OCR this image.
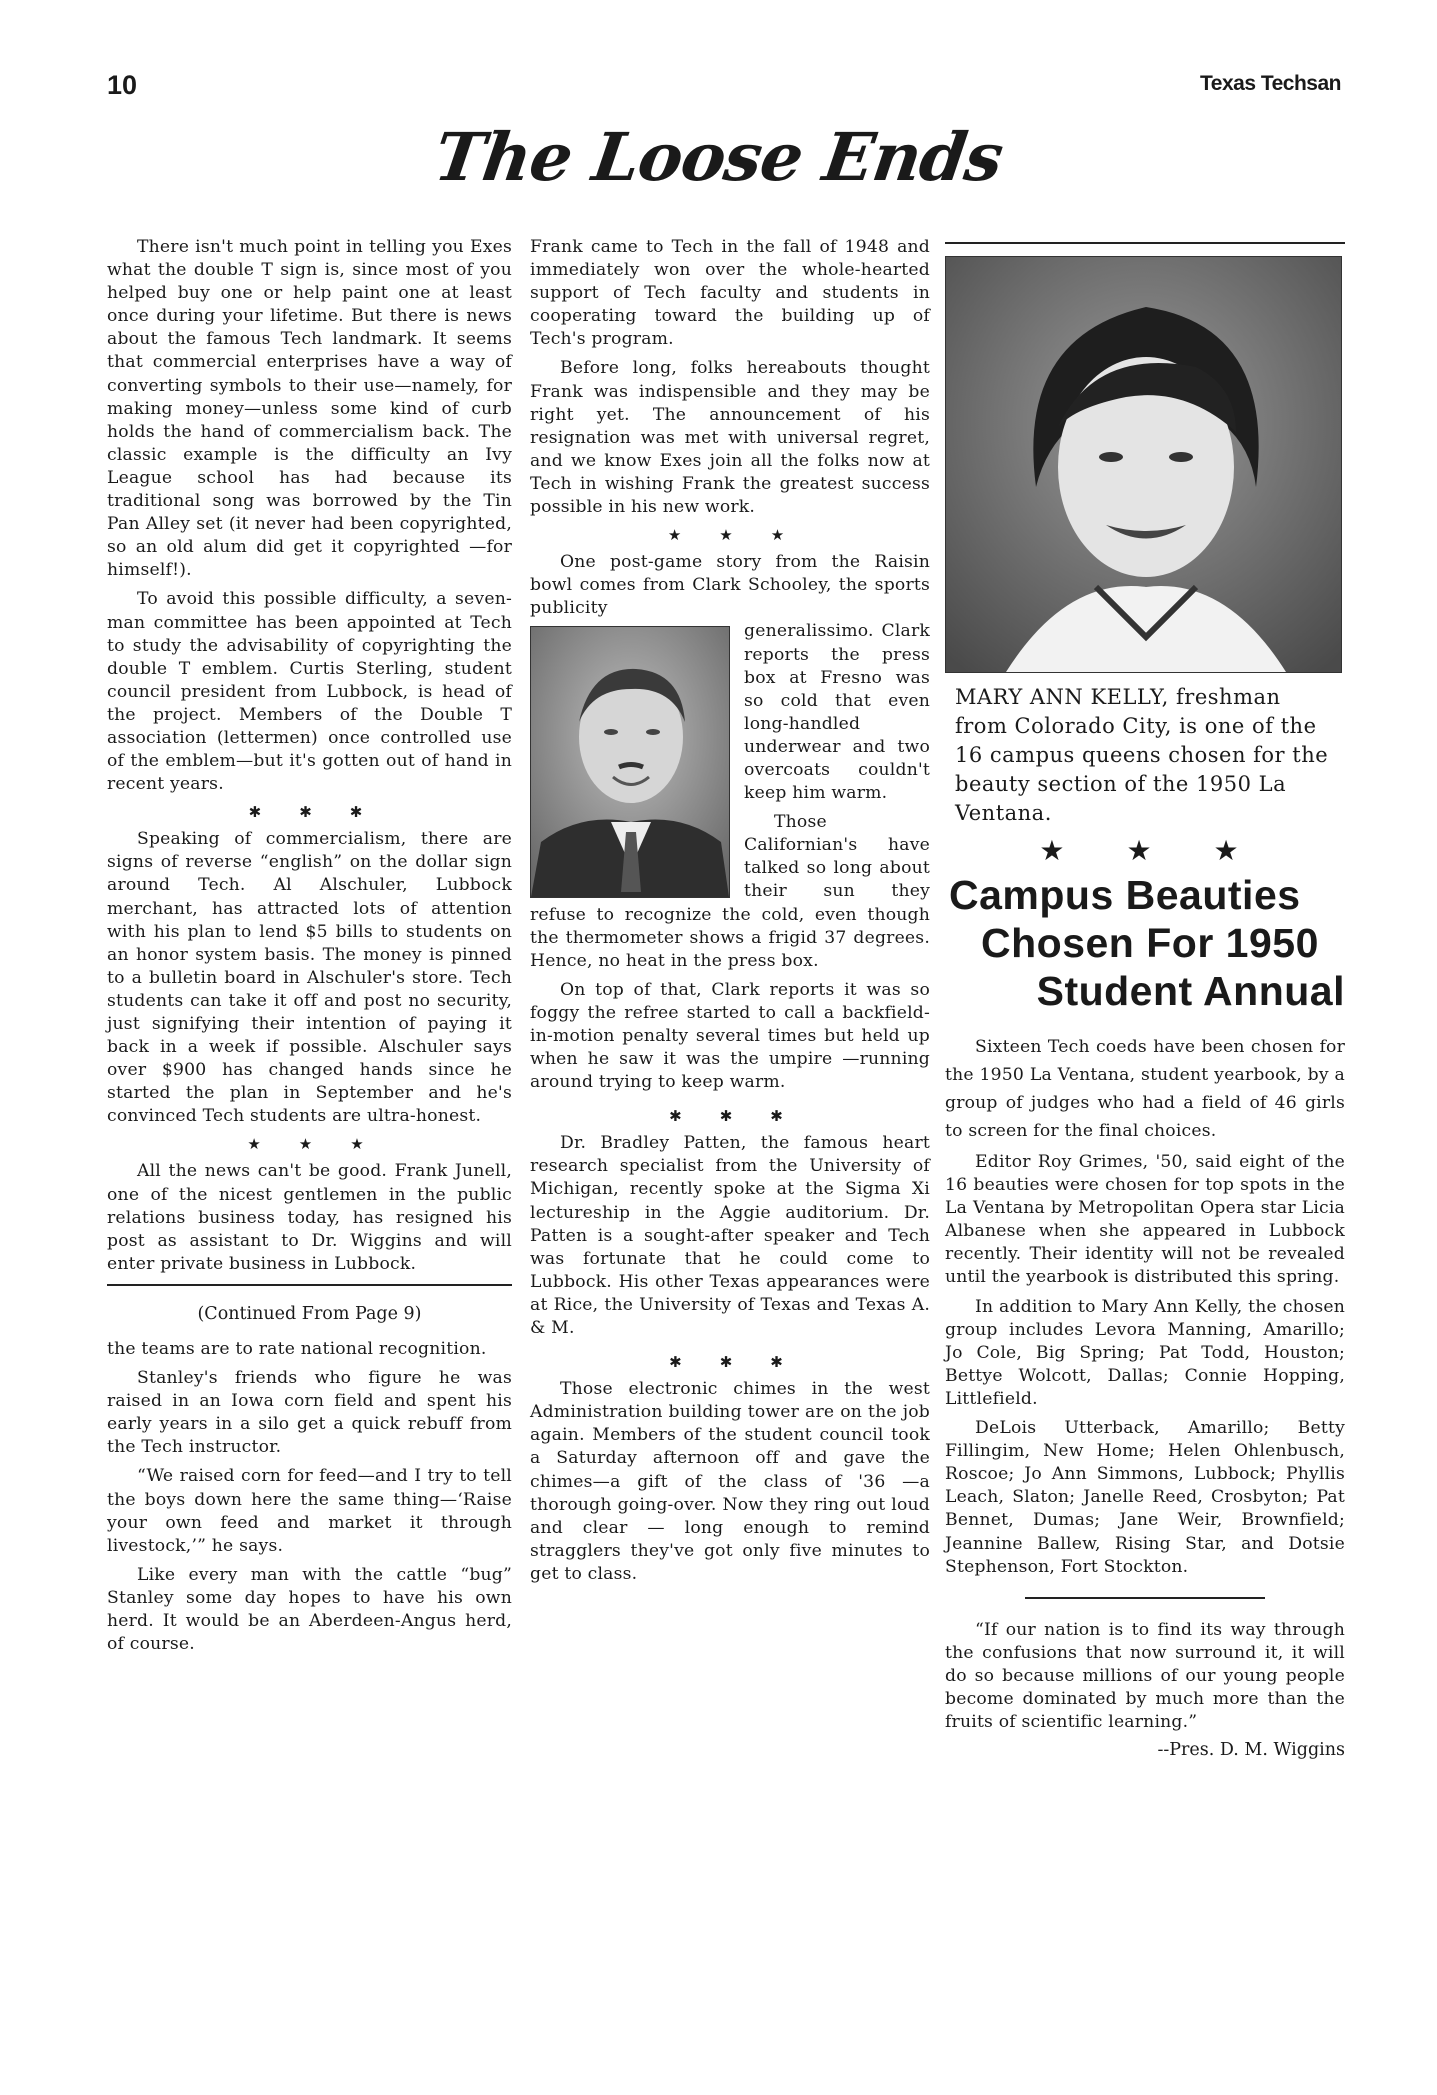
10	Texas Techsan
The Loose Ends

There isn't much point in telling you Exes what the double T sign is, since most of you helped buy one or help paint one at least once during your lifetime. But there is news about the famous Tech landmark. It seems that commercial enterprises have a way of converting symbols to their use—namely, for making money—unless some kind of curb holds the hand of commercialism back. The classic example is the difficulty an Ivy League school has had because its traditional song was borrowed by the Tin Pan Alley set (it never had been copyrighted, so an old alum did get it copyrighted —for himself!).

To avoid this possible difficulty, a seven-man committee has been appointed at Tech to study the advisability of copyrighting the double T emblem. Curtis Sterling, student council president from Lubbock, is head of the project. Members of the Double T association (lettermen) once controlled use of the emblem—but it's gotten out of hand in recent years.

✱✱✱

Speaking of commercialism, there are signs of reverse “english” on the dollar sign around Tech. Al Alschuler, Lubbock merchant, has attracted lots of attention with his plan to lend $5 bills to students on an honor system basis. The money is pinned to a bulletin board in Alschuler's store. Tech students can take it off and post no security, just signifying their intention of paying it back in a week if possible. Alschuler says over $900 has changed hands since he started the plan in September and he's convinced Tech students are ultra-honest.

★★★

All the news can't be good. Frank Junell, one of the nicest gentlemen in the public relations business today, has resigned his post as assistant to Dr. Wiggins and will enter private business in Lubbock.

(Continued From Page 9)

the teams are to rate national recognition.

Stanley's friends who figure he was raised in an Iowa corn field and spent his early years in a silo get a quick rebuff from the Tech instructor.

“We raised corn for feed—and I try to tell the boys down here the same thing—‘Raise your own feed and market it through livestock,’” he says.

Like every man with the cattle “bug” Stanley some day hopes to have his own herd. It would be an Aberdeen-Angus herd, of course.

Frank came to Tech in the fall of 1948 and immediately won over the whole-hearted support of Tech faculty and students in cooperating toward the building up of Tech's program.

Before long, folks hereabouts thought Frank was indispensible and they may be right yet. The announcement of his resignation was met with universal regret, and we know Exes join all the folks now at Tech in wishing Frank the greatest success possible in his new work.

★★★

One post-game story from the Raisin bowl comes from Clark Schooley, the sports publicity

generalissimo. Clark reports the press box at Fresno was so cold that even long-handled underwear and two overcoats couldn't keep him warm.

Those Californian's have talked so long about their sun they refuse to recognize the cold, even though the thermometer shows a frigid 37 degrees. Hence, no heat in the press box.

On top of that, Clark reports it was so foggy the refree started to call a backfield-in-motion penalty several times but held up when he saw it was the umpire —running around trying to keep warm.

✱✱✱

Dr. Bradley Patten, the famous heart research specialist from the University of Michigan, recently spoke at the Sigma Xi lectureship in the Aggie auditorium. Dr. Patten is a sought-after speaker and Tech was fortunate that he could come to Lubbock. His other Texas appearances were at Rice, the University of Texas and Texas A. & M.

✱✱✱

Those electronic chimes in the west Administration building tower are on the job again. Members of the student council took a Saturday afternoon off and gave the chimes—a gift of the class of '36 —a thorough going-over. Now they ring out loud and clear — long enough to remind stragglers they've got only five minutes to get to class.

MARY ANN KELLY, freshman from Colorado City, is one of the 16 campus queens chosen for the beauty section of the 1950 La Ventana.
★★★
Campus Beauties
Chosen For 1950
Student Annual

Sixteen Tech coeds have been chosen for the 1950 La Ventana, student yearbook, by a group of judges who had a field of 46 girls to screen for the final choices.

Editor Roy Grimes, '50, said eight of the 16 beauties were chosen for top spots in the La Ventana by Metropolitan Opera star Licia Albanese when she appeared in Lubbock recently. Their identity will not be revealed until the yearbook is distributed this spring.

In addition to Mary Ann Kelly, the chosen group includes Levora Manning, Amarillo; Jo Cole, Big Spring; Pat Todd, Houston; Bettye Wolcott, Dallas; Connie Hopping, Littlefield.

DeLois Utterback, Amarillo; Betty Fillingim, New Home; Helen Ohlenbusch, Roscoe; Jo Ann Simmons, Lubbock; Phyllis Leach, Slaton; Janelle Reed, Crosbyton; Pat Bennet, Dumas; Jane Weir, Brownfield; Jeannine Ballew, Rising Star, and Dotsie Stephenson, Fort Stockton.

“If our nation is to find its way through the confusions that now surround it, it will do so because millions of our young people become dominated by much more than the fruits of scientific learning.”

--Pres. D. M. Wiggins
